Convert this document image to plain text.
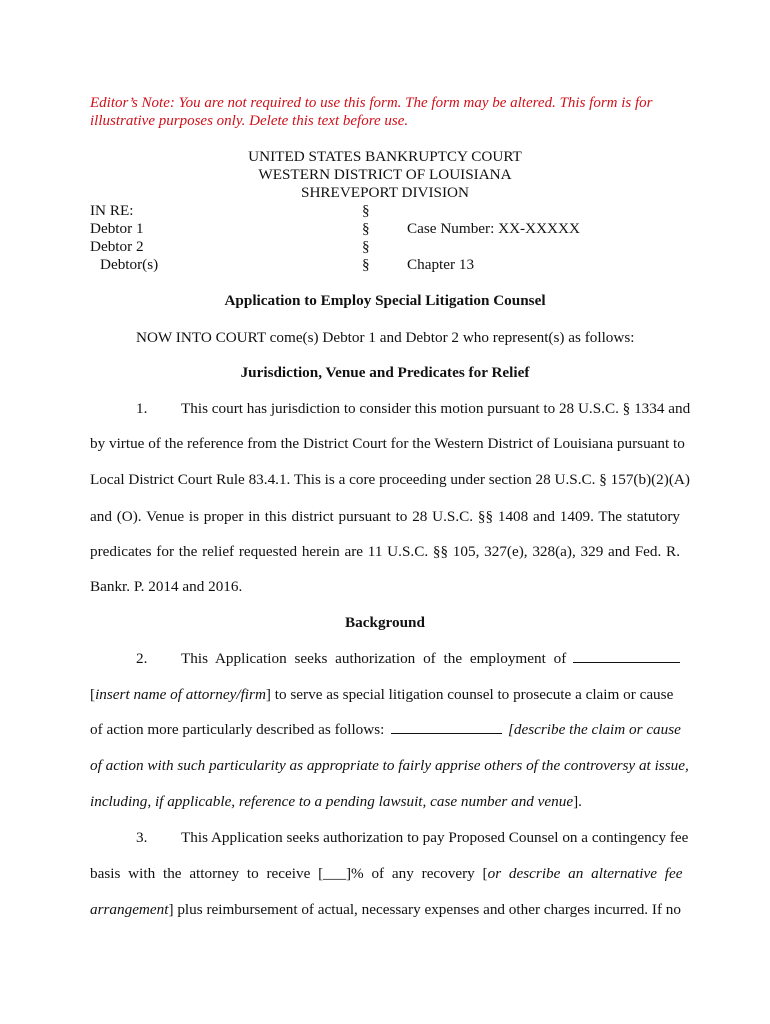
Editor’s Note: You are not required to use this form. The form may be altered. This form is for
illustrative purposes only. Delete this text before use.
UNITED STATES BANKRUPTCY COURT
WESTERN DISTRICT OF LOUISIANA
SHREVEPORT DIVISION
IN RE:
Debtor 1
Debtor 2
Debtor(s)
§
§
§
§
Case Number: XX-XXXXX
Chapter 13
Application to Employ Special Litigation Counsel
NOW INTO COURT come(s) Debtor 1 and Debtor 2 who represent(s) as follows:
Jurisdiction, Venue and Predicates for Relief
1. This court has jurisdiction to consider this motion pursuant to 28 U.S.C. § 1334 and
by virtue of the reference from the District Court for the Western District of Louisiana pursuant to
Local District Court Rule 83.4.1. This is a core proceeding under section 28 U.S.C. § 157(b)(2)(A)
and (O). Venue is proper in this district pursuant to 28 U.S.C. §§ 1408 and 1409. The statutory
predicates for the relief requested herein are 11 U.S.C. §§ 105, 327(e), 328(a), 329 and Fed. R.
Bankr. P. 2014 and 2016.
Background
2. This Application seeks authorization of the employment of
[insert name of attorney/firm] to serve as special litigation counsel to prosecute a claim or cause
of action more particularly described as follows:	[describe the claim or cause
of action with such particularity as appropriate to fairly apprise others of the controversy at issue,
including, if applicable, reference to a pending lawsuit, case number and venue].
3. This Application seeks authorization to pay Proposed Counsel on a contingency fee
basis with the attorney to receive [___]% of any recovery [ or describe an alternative fee
arrangement] plus reimbursement of actual, necessary expenses and other charges incurred. If no
